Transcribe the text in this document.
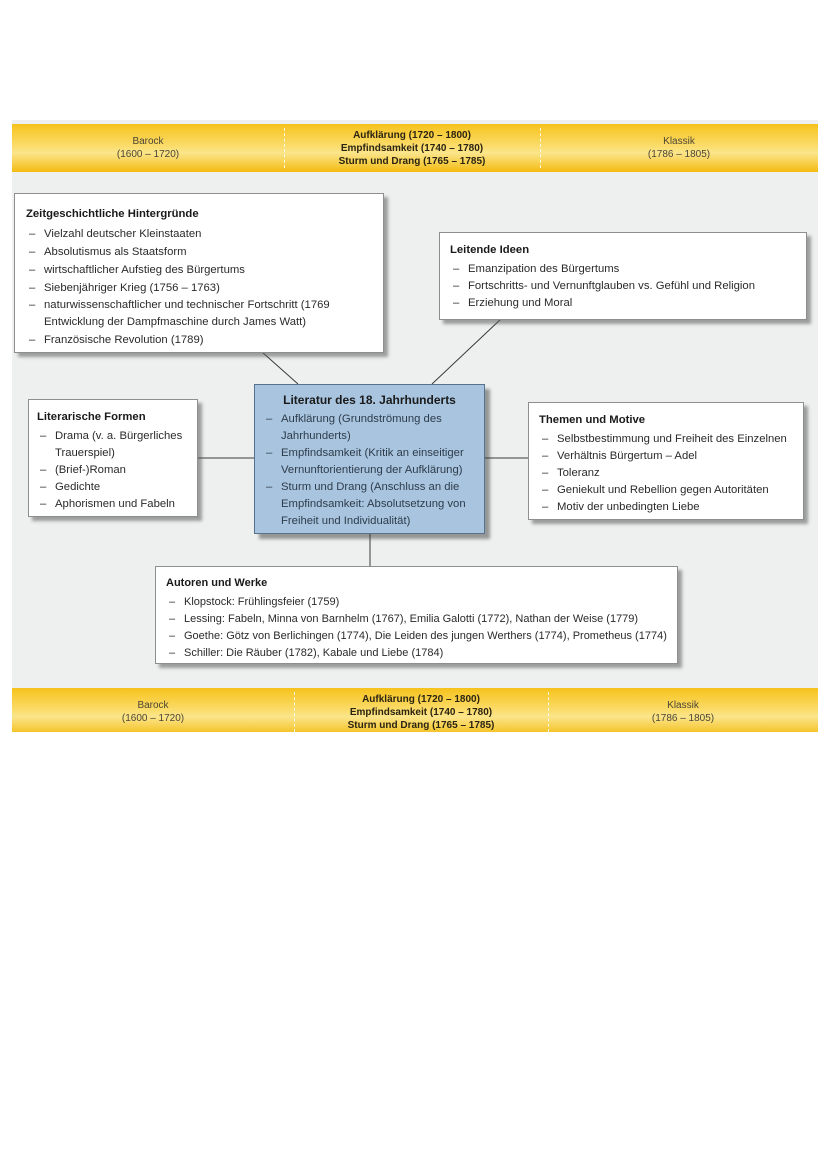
Barock
(1600 – 1720)
Aufklärung (1720 – 1800)
Empfindsamkeit (1740 – 1780)
Sturm und Drang (1765 – 1785)
Klassik
(1786 – 1805)
Zeitgeschichtliche Hintergründe
– Vielzahl deutscher Kleinstaaten
– Absolutismus als Staatsform
– wirtschaftlicher Aufstieg des Bürgertums
– Siebenjähriger Krieg (1756 – 1763)
– naturwissenschaftlicher und technischer Fortschritt (1769 Entwicklung der Dampfmaschine durch James Watt)
– Französische Revolution (1789)
Leitende Ideen
– Emanzipation des Bürgertums
– Fortschritts- und Vernunftglauben vs. Gefühl und Religion
– Erziehung und Moral
Literarische Formen
– Drama (v. a. Bürgerliches Trauerspiel)
– (Brief-)Roman
– Gedichte
– Aphorismen und Fabeln
Literatur des 18. Jahrhunderts
– Aufklärung (Grundströmung des Jahrhunderts)
– Empfindsamkeit (Kritik an einseitiger Vernunftorientierung der Aufklärung)
– Sturm und Drang (Anschluss an die Empfindsamkeit: Absolutsetzung von Freiheit und Individualität)
Themen und Motive
– Selbstbestimmung und Freiheit des Einzelnen
– Verhältnis Bürgertum – Adel
– Toleranz
– Geniekult und Rebellion gegen Autoritäten
– Motiv der unbedingten Liebe
Autoren und Werke
– Klopstock: Frühlingsfeier (1759)
– Lessing: Fabeln, Minna von Barnhelm (1767), Emilia Galotti (1772), Nathan der Weise (1779)
– Goethe: Götz von Berlichingen (1774), Die Leiden des jungen Werthers (1774), Prometheus (1774)
– Schiller: Die Räuber (1782), Kabale und Liebe (1784)
Barock
(1600 – 1720)
Aufklärung (1720 – 1800)
Empfindsamkeit (1740 – 1780)
Sturm und Drang (1765 – 1785)
Klassik
(1786 – 1805)
